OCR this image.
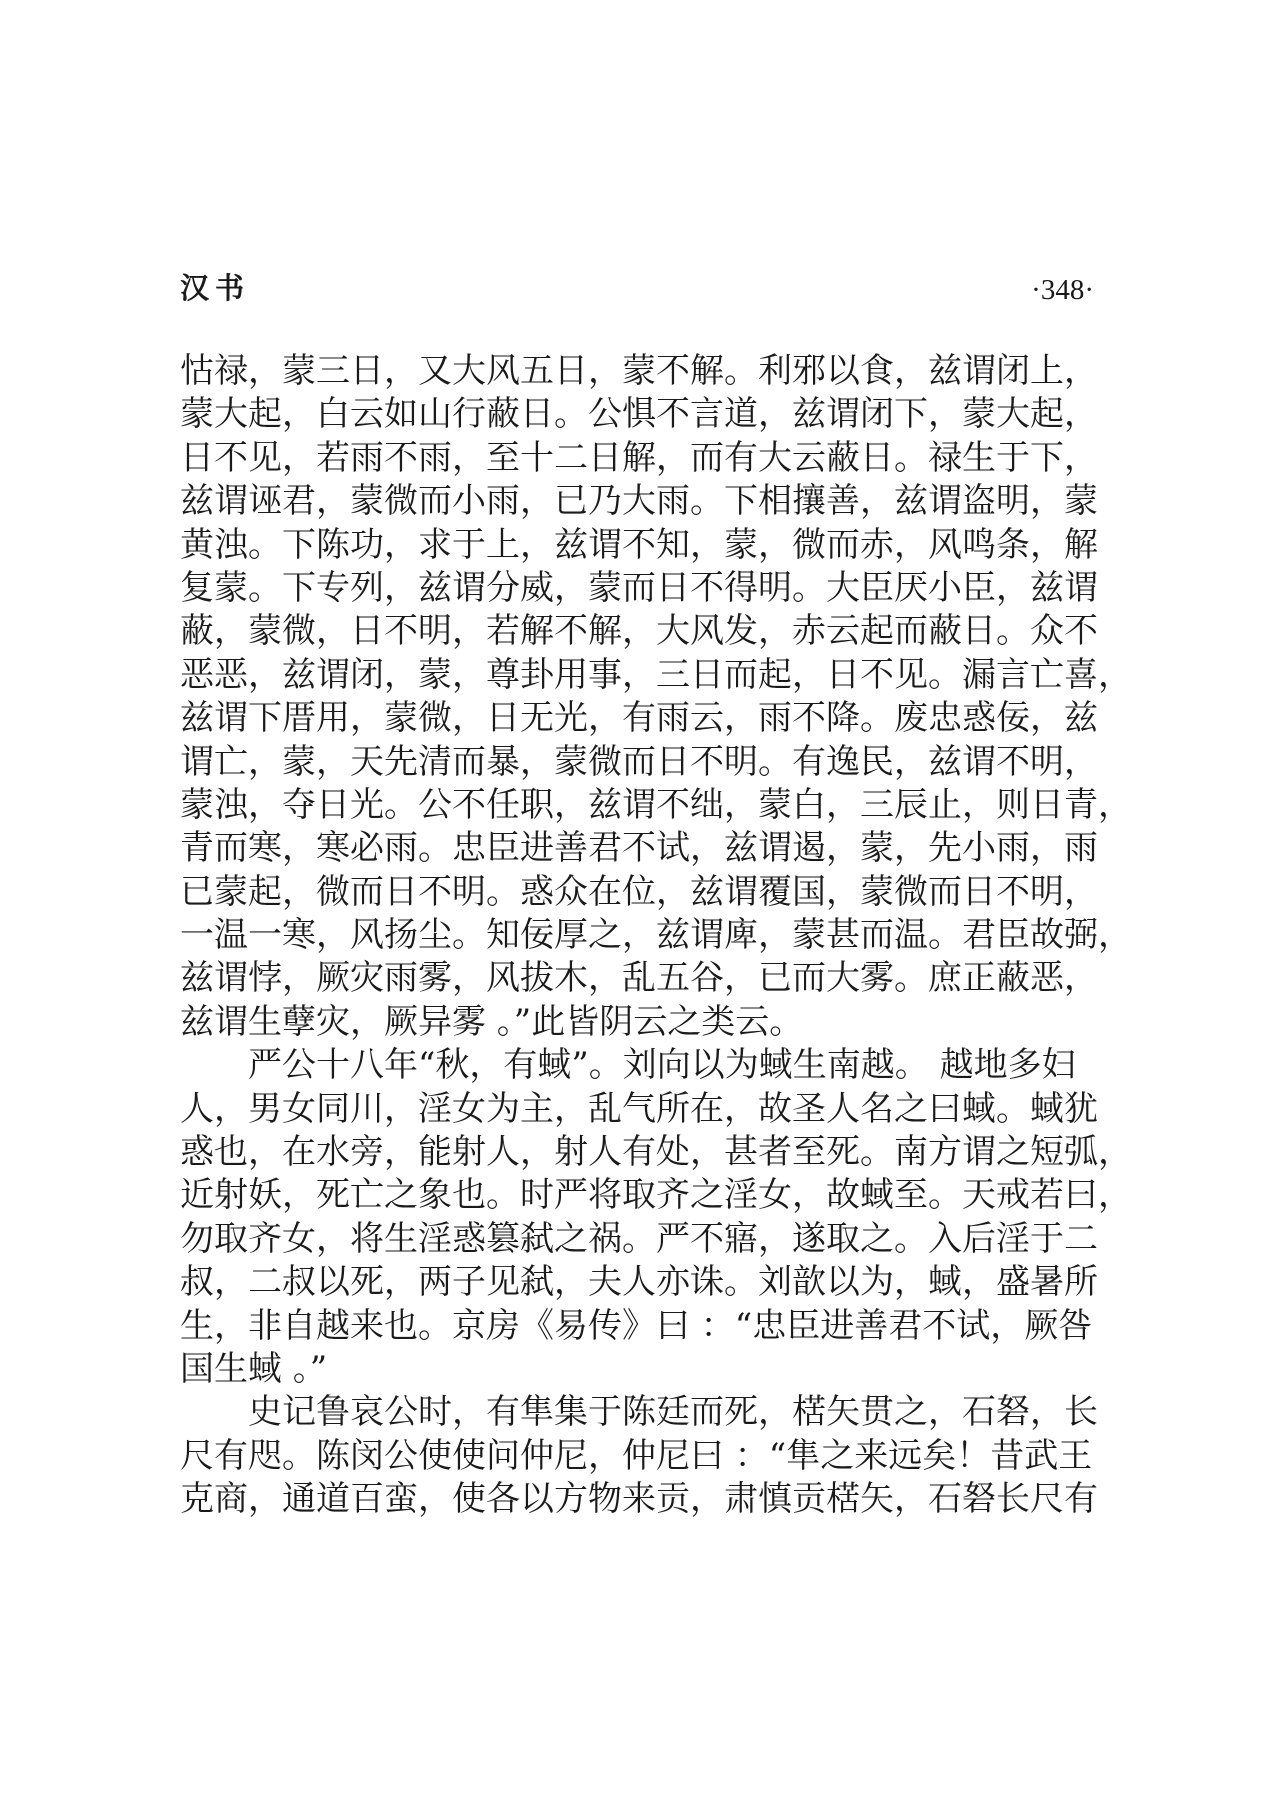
汉书	·348·
怙禄，蒙三日，又大风五日，蒙不解。利邪以食，兹谓闭上，
蒙大起，白云如山行蔽日。公惧不言道，兹谓闭下，蒙大起，
日不见，若雨不雨，至十二日解，而有大云蔽日。禄生于下，
兹谓诬君，蒙微而小雨，已乃大雨。下相攘善，兹谓盗明，蒙
黄浊。下陈功，求于上，兹谓不知，蒙，微而赤，风鸣条，解
复蒙。下专列，兹谓分威，蒙而日不得明。大臣厌小臣，兹谓
蔽，蒙微，日不明，若解不解，大风发，赤云起而蔽日。众不
恶恶，兹谓闭，蒙，尊卦用事，三日而起，日不见。漏言亡喜，
兹谓下厝用，蒙微，日无光，有雨云，雨不降。废忠惑佞，兹
谓亡，蒙，天先清而暴，蒙微而日不明。有逸民，兹谓不明，
蒙浊，夺日光。公不任职，兹谓不绌，蒙白，三辰止，则日青，
青而寒，寒必雨。忠臣进善君不试，兹谓遏，蒙，先小雨，雨
已蒙起，微而日不明。惑众在位，兹谓覆国，蒙微而日不明，
一温一寒，风扬尘。知佞厚之，兹谓庳，蒙甚而温。君臣故弼，
兹谓悖，厥灾雨雾，风拔木，乱五谷，已而大雾。庶正蔽恶，
兹谓生孽灾，厥异雾 。”此皆阴云之类云。
　　严公十八年“秋，有蜮”。刘向以为蜮生南越。 越地多妇
人，男女同川，淫女为主，乱气所在，故圣人名之曰蜮。蜮犹
惑也，在水旁，能射人，射人有处，甚者至死。南方谓之短弧，
近射妖，死亡之象也。时严将取齐之淫女，故蜮至。天戒若曰，
勿取齐女，将生淫惑篡弑之祸。严不寤，遂取之。入后淫于二
叔，二叔以死，两子见弑，夫人亦诛。刘歆以为，蜮，盛暑所
生，非自越来也。京房《易传》曰 ：“忠臣进善君不试，厥咎
国生蜮 。”
　　史记鲁哀公时，有隼集于陈廷而死，楛矢贯之，石砮，长
尺有咫。陈闵公使使问仲尼，仲尼曰 ：“隼之来远矣！昔武王
克商，通道百蛮，使各以方物来贡，肃慎贡楛矢，石砮长尺有
